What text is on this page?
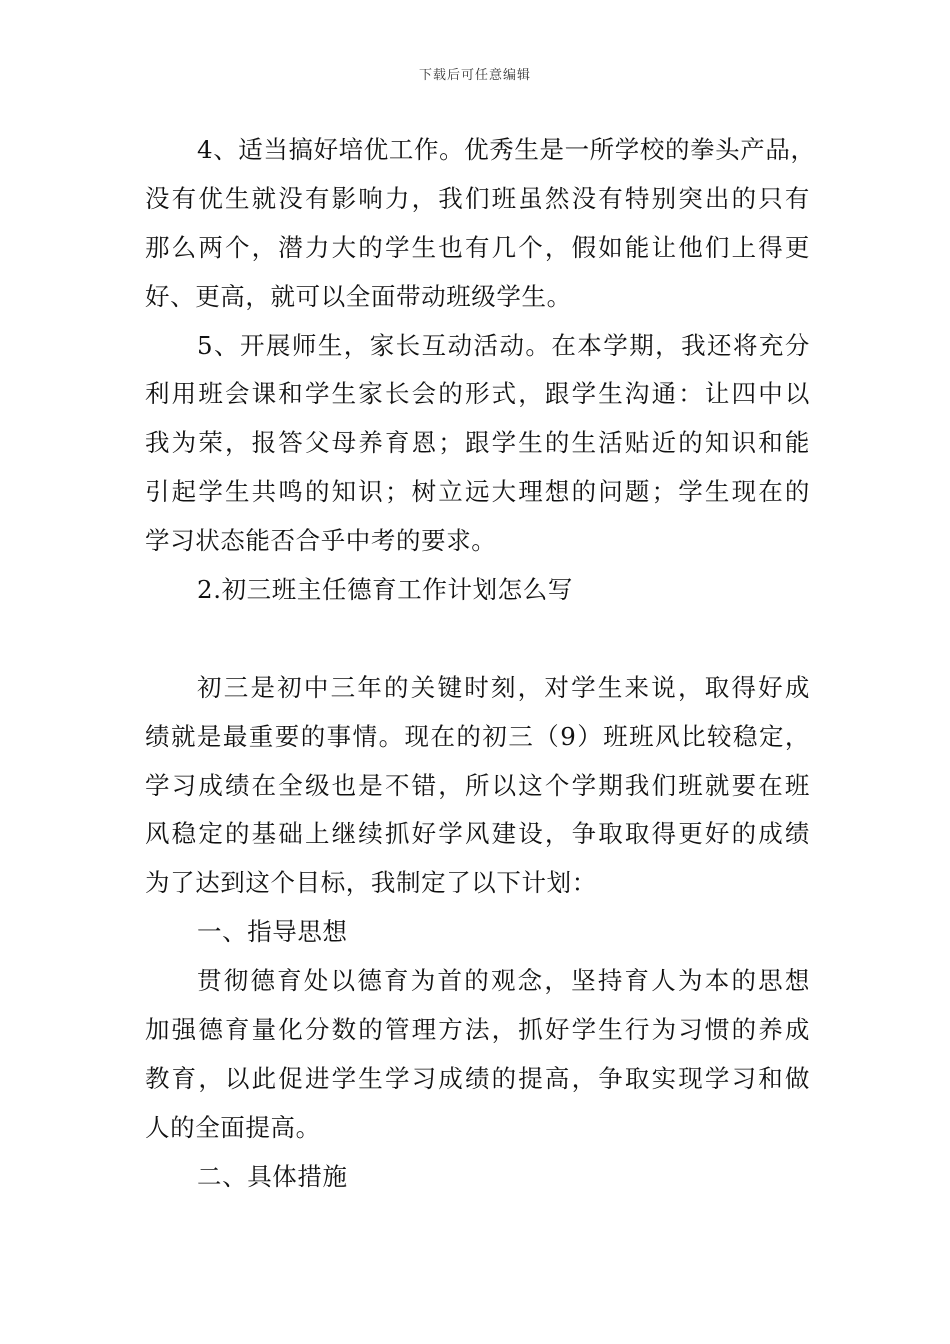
下载后可任意编辑
4、适当搞好培优工作。优秀生是一所学校的拳头产品，
没有优生就没有影响力，我们班虽然没有特别突出的只有
那么两个，潜力大的学生也有几个，假如能让他们上得更
好、更高，就可以全面带动班级学生。
5、开展师生，家长互动活动。在本学期，我还将充分
利用班会课和学生家长会的形式，跟学生沟通：让四中以
我为荣，报答父母养育恩；跟学生的生活贴近的知识和能
引起学生共鸣的知识；树立远大理想的问题；学生现在的
学习状态能否合乎中考的要求。
2.初三班主任德育工作计划怎么写
初三是初中三年的关键时刻，对学生来说，取得好成
绩就是最重要的事情。现在的初三（9）班班风比较稳定，
学习成绩在全级也是不错，所以这个学期我们班就要在班
风稳定的基础上继续抓好学风建设，争取取得更好的成绩
为了达到这个目标，我制定了以下计划：
一、指导思想
贯彻德育处以德育为首的观念，坚持育人为本的思想
加强德育量化分数的管理方法，抓好学生行为习惯的养成
教育，以此促进学生学习成绩的提高，争取实现学习和做
人的全面提高。
二、具体措施
